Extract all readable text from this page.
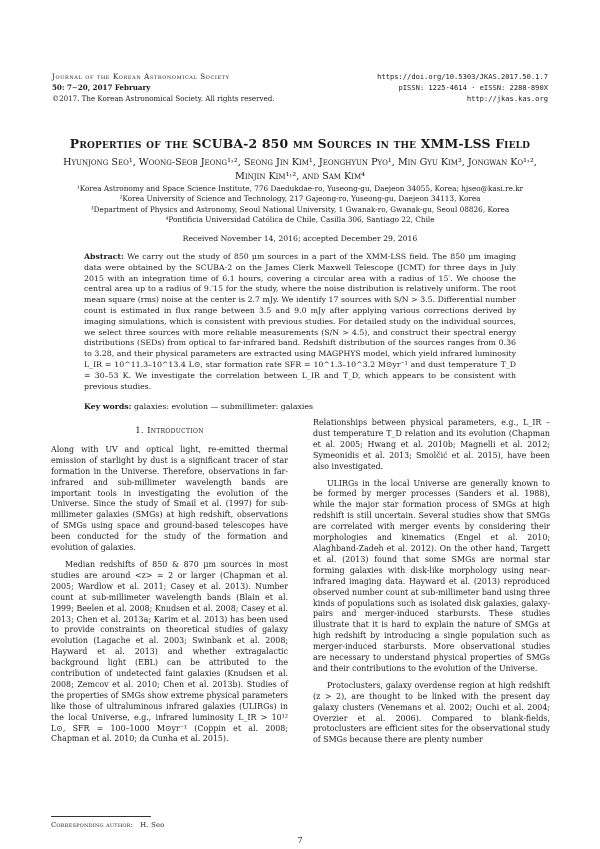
Journal of the Korean Astronomical Society
50: 7∼20, 2017 February
©2017. The Korean Astronomical Society. All rights reserved.
https://doi.org/10.5303/JKAS.2017.50.1.7
pISSN: 1225-4614 · eISSN: 2288-890X
http://jkas.kas.org
Properties of the SCUBA-2 850 μm Sources in the XMM-LSS Field
Hyunjong Seo¹, Woong-Seob Jeong¹˒², Seong Jin Kim¹, Jeonghyun Pyo¹, Min Gyu Kim³, Jongwan Ko¹˒², Minjin Kim¹˒², and Sam Kim⁴
¹Korea Astronomy and Space Science Institute, 776 Daedukdae-ro, Yuseong-gu, Daejeon 34055, Korea; hjseo@kasi.re.kr
²Korea University of Science and Technology, 217 Gajeong-ro, Yuseong-gu, Daejeon 34113, Korea
³Department of Physics and Astronomy, Seoul National University, 1 Gwanak-ro, Gwanak-gu, Seoul 08826, Korea
⁴Pontificia Universidad Católica de Chile, Casilla 306, Santiago 22, Chile
Received November 14, 2016; accepted December 29, 2016
Abstract: We carry out the study of 850 μm sources in a part of the XMM-LSS field. The 850 μm imaging data were obtained by the SCUBA-2 on the James Clerk Maxwell Telescope (JCMT) for three days in July 2015 with an integration time of 6.1 hours, covering a circular area with a radius of 15′. We choose the central area up to a radius of 9.′15 for the study, where the noise distribution is relatively uniform. The root mean square (rms) noise at the center is 2.7 mJy. We identify 17 sources with S/N > 3.5. Differential number count is estimated in flux range between 3.5 and 9.0 mJy after applying various corrections derived by imaging simulations, which is consistent with previous studies. For detailed study on the individual sources, we select three sources with more reliable measurements (S/N > 4.5), and construct their spectral energy distributions (SEDs) from optical to far-infrared band. Redshift distribution of the sources ranges from 0.36 to 3.28, and their physical parameters are extracted using MAGPHYS model, which yield infrared luminosity L_IR = 10^11.3–10^13.4 L⊙, star formation rate SFR = 10^1.3–10^3.2 M⊙yr⁻¹ and dust temperature T_D = 30–53 K. We investigate the correlation between L_IR and T_D, which appears to be consistent with previous studies.
Key words: galaxies: evolution — submillimeter: galaxies
1. Introduction

Along with UV and optical light, re-emitted thermal emission of starlight by dust is a significant tracer of star formation in the Universe. Therefore, observations in far-infrared and sub-millimeter wavelength bands are important tools in investigating the evolution of the Universe. Since the study of Smail et al. (1997) for sub-millimeter galaxies (SMGs) at high redshift, observations of SMGs using space and ground-based telescopes have been conducted for the study of the formation and evolution of galaxies.

Median redshifts of 850 & 870 μm sources in most studies are around <z> = 2 or larger (Chapman et al. 2005; Wardlow et al. 2011; Casey et al. 2013). Number count at sub-millimeter wavelength bands (Blain et al. 1999; Beelen et al. 2008; Knudsen et al. 2008; Casey et al. 2013; Chen et al. 2013a; Karim et al. 2013) has been used to provide constraints on theoretical studies of galaxy evolution (Lagache et al. 2003; Swinbank et al. 2008; Hayward et al. 2013) and whether extragalactic background light (EBL) can be attributed to the contribution of undetected faint galaxies (Knudsen et al. 2008; Zemcov et al. 2010; Chen et al. 2013b). Studies of the properties of SMGs show extreme physical parameters like those of ultraluminous infrared galaxies (ULIRGs) in the local Universe, e.g., infrared luminosity L_IR > 10¹² L⊙, SFR = 100–1000 M⊙yr⁻¹ (Coppin et al. 2008; Chapman et al. 2010; da Cunha et al. 2015).

Relationships between physical parameters, e.g., L_IR – dust temperature T_D relation and its evolution (Chapman et al. 2005; Hwang et al. 2010b; Magnelli et al. 2012; Symeonidis et al. 2013; Smolčić et al. 2015), have been also investigated.

ULIRGs in the local Universe are generally known to be formed by merger processes (Sanders et al. 1988), while the major star formation process of SMGs at high redshift is still uncertain. Several studies show that SMGs are correlated with merger events by considering their morphologies and kinematics (Engel et al. 2010; Alaghband-Zadeh et al. 2012). On the other hand, Targett et al. (2013) found that some SMGs are normal star forming galaxies with disk-like morphology using near-infrared imaging data. Hayward et al. (2013) reproduced observed number count at sub-millimeter band using three kinds of populations such as isolated disk galaxies, galaxy-pairs and merger-induced starbursts. These studies illustrate that it is hard to explain the nature of SMGs at high redshift by introducing a single population such as merger-induced starbursts. More observational studies are necessary to understand physical properties of SMGs and their contributions to the evolution of the Universe.

Protoclusters, galaxy overdense region at high redshift (z > 2), are thought to be linked with the present day galaxy clusters (Venemans et al. 2002; Ouchi et al. 2004; Overzier et al. 2006). Compared to blank-fields, protoclusters are efficient sites for the observational study of SMGs because there are plenty number

Corresponding author: H. Seo
7
